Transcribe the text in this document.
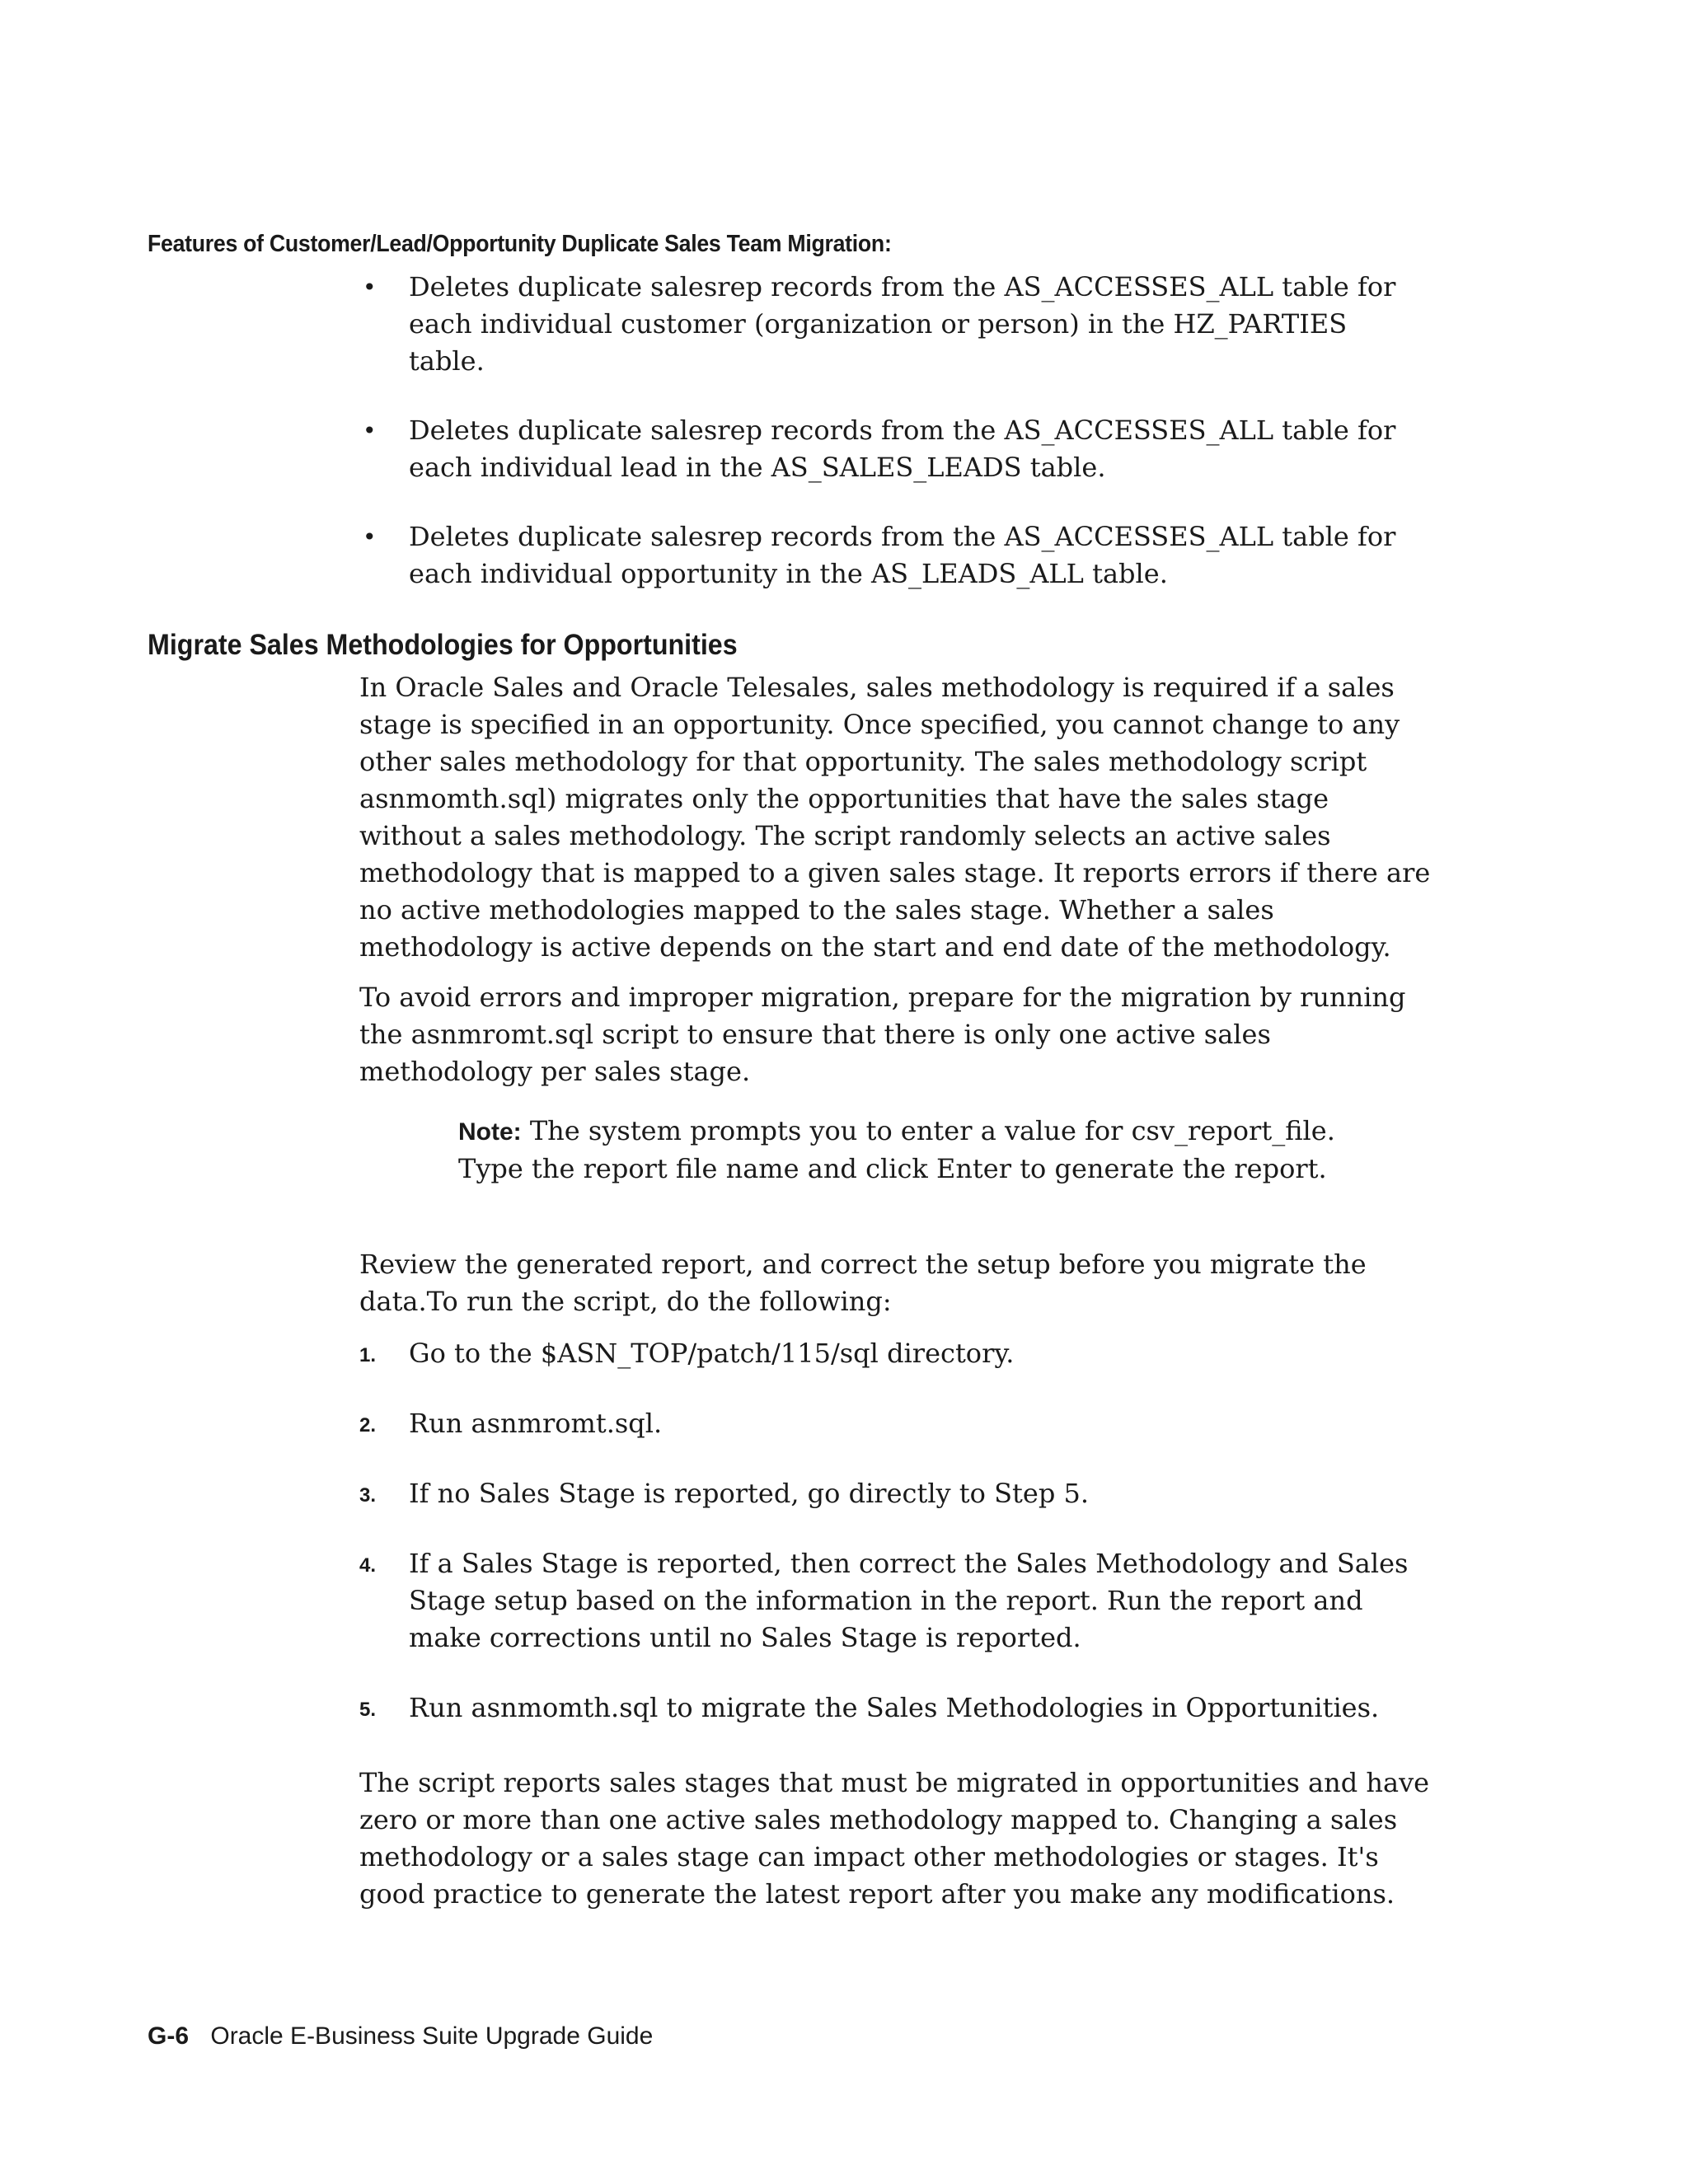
Features of Customer/Lead/Opportunity Duplicate Sales Team Migration:
• Deletes duplicate salesrep records from the AS_ACCESSES_ALL table for each individual customer (organization or person) in the HZ_PARTIES table.
• Deletes duplicate salesrep records from the AS_ACCESSES_ALL table for each individual lead in the AS_SALES_LEADS table.
• Deletes duplicate salesrep records from the AS_ACCESSES_ALL table for each individual opportunity in the AS_LEADS_ALL table.
Migrate Sales Methodologies for Opportunities

In Oracle Sales and Oracle Telesales, sales methodology is required if a sales stage is specified in an opportunity. Once specified, you cannot change to any other sales methodology for that opportunity. The sales methodology script asnmomth.sql) migrates only the opportunities that have the sales stage without a sales methodology. The script randomly selects an active sales methodology that is mapped to a given sales stage. It reports errors if there are no active methodologies mapped to the sales stage. Whether a sales methodology is active depends on the start and end date of the methodology.

To avoid errors and improper migration, prepare for the migration by running the asnmromt.sql script to ensure that there is only one active sales methodology per sales stage.

Note: The system prompts you to enter a value for csv_report_file. Type the report file name and click Enter to generate the report.

Review the generated report, and correct the setup before you migrate the data.To run the script, do the following:

1. Go to the $ASN_TOP/patch/115/sql directory.
2. Run asnmromt.sql.
3. If no Sales Stage is reported, go directly to Step 5.
4. If a Sales Stage is reported, then correct the Sales Methodology and Sales Stage setup based on the information in the report. Run the report and make corrections until no Sales Stage is reported.
5. Run asnmomth.sql to migrate the Sales Methodologies in Opportunities.

The script reports sales stages that must be migrated in opportunities and have zero or more than one active sales methodology mapped to. Changing a sales methodology or a sales stage can impact other methodologies or stages. It's good practice to generate the latest report after you make any modifications.

G-6 Oracle E-Business Suite Upgrade Guide
